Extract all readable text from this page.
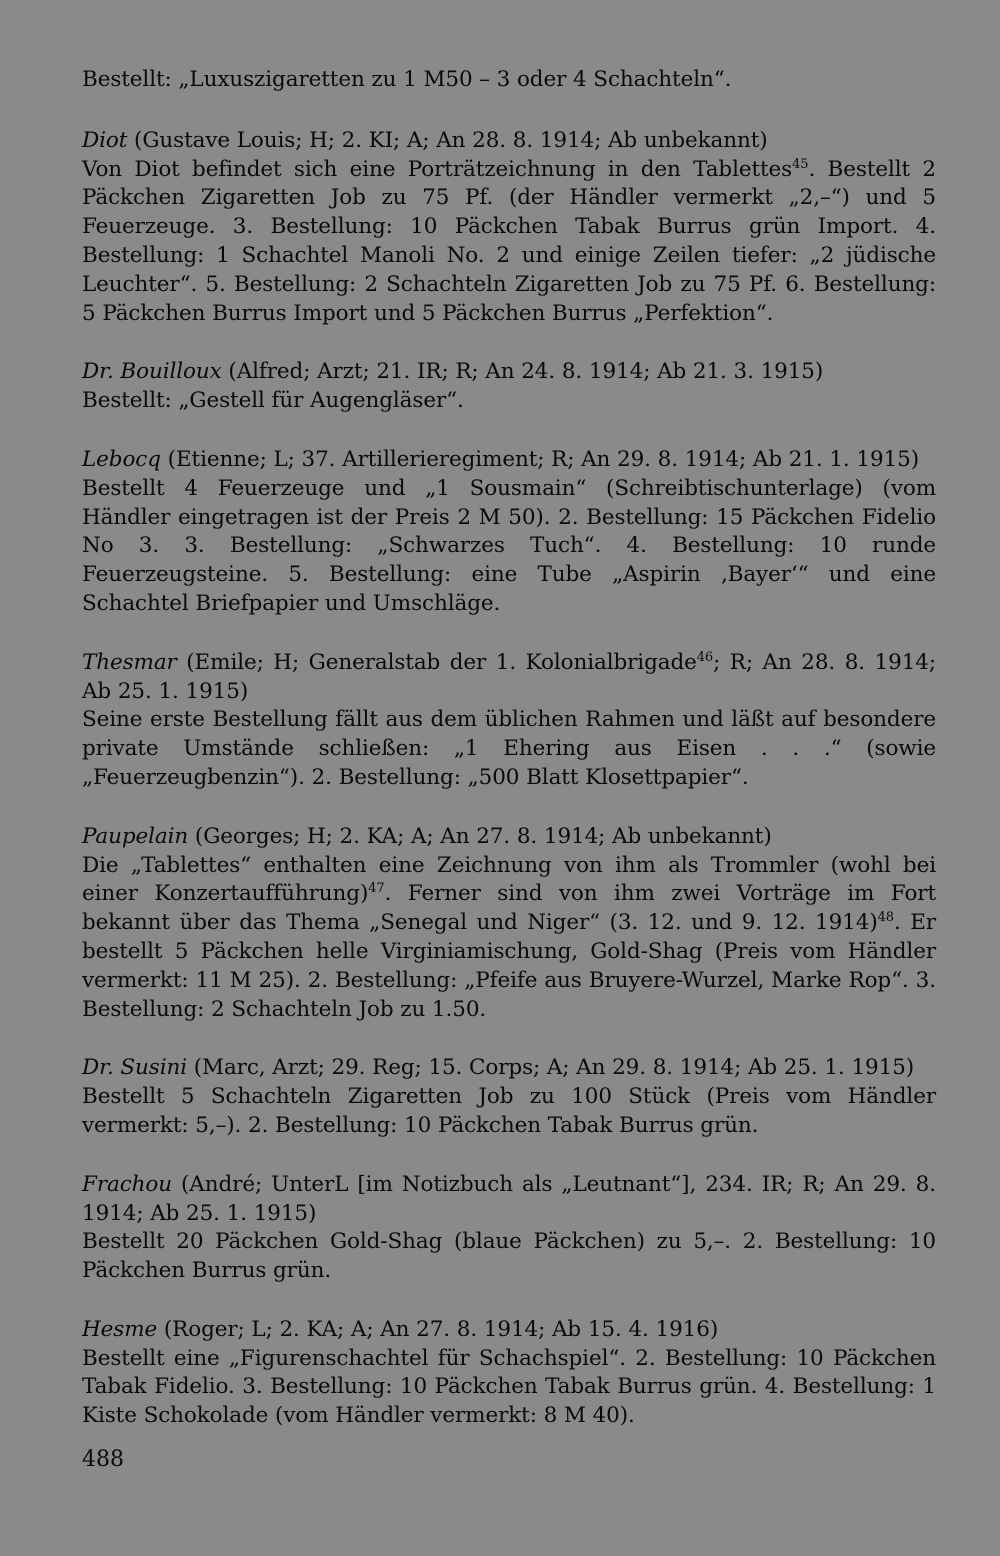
Bestellt: „Luxuszigaretten zu 1 M50 – 3 oder 4 Schachteln“.

Diot (Gustave Louis; H; 2. KI; A; An 28. 8. 1914; Ab unbekannt)
Von Diot befindet sich eine Porträtzeichnung in den Tablettes$^{45}$. Bestellt 2 Päckchen Zigaretten Job zu 75 Pf. (der Händler vermerkt „2,–“) und 5 Feuerzeuge. 3. Bestellung: 10 Päckchen Tabak Burrus grün Import. 4. Bestellung: 1 Schachtel Manoli No. 2 und einige Zeilen tiefer: „2 jüdische Leuchter“. 5. Bestellung: 2 Schachteln Zigaretten Job zu 75 Pf. 6. Bestellung: 5 Päckchen Burrus Import und 5 Päckchen Burrus „Perfektion“.

Dr. Bouilloux (Alfred; Arzt; 21. IR; R; An 24. 8. 1914; Ab 21. 3. 1915)
Bestellt: „Gestell für Augengläser“.

Lebocq (Etienne; L; 37. Artillerieregiment; R; An 29. 8. 1914; Ab 21. 1. 1915)
Bestellt 4 Feuerzeuge und „1 Sousmain“ (Schreibtischunterlage) (vom Händler eingetragen ist der Preis 2 M 50). 2. Bestellung: 15 Päckchen Fidelio No 3. 3. Bestellung: „Schwarzes Tuch“. 4. Bestellung: 10 runde Feuerzeugsteine. 5. Bestellung: eine Tube „Aspirin ‚Bayer‘“ und eine Schachtel Briefpapier und Umschläge.

Thesmar (Emile; H; Generalstab der 1. Kolonialbrigade$^{46}$; R; An 28. 8. 1914; Ab 25. 1. 1915)
Seine erste Bestellung fällt aus dem üblichen Rahmen und läßt auf besondere private Umstände schließen: „1 Ehering aus Eisen . . .“ (sowie „Feuerzeugbenzin“). 2. Bestellung: „500 Blatt Klosettpapier“.

Paupelain (Georges; H; 2. KA; A; An 27. 8. 1914; Ab unbekannt)
Die „Tablettes“ enthalten eine Zeichnung von ihm als Trommler (wohl bei einer Konzertaufführung)$^{47}$. Ferner sind von ihm zwei Vorträge im Fort bekannt über das Thema „Senegal und Niger“ (3. 12. und 9. 12. 1914)$^{48}$. Er bestellt 5 Päckchen helle Virginiamischung, Gold-Shag (Preis vom Händler vermerkt: 11 M 25). 2. Bestellung: „Pfeife aus Bruyere-Wurzel, Marke Rop“. 3. Bestellung: 2 Schachteln Job zu 1.50.

Dr. Susini (Marc, Arzt; 29. Reg; 15. Corps; A; An 29. 8. 1914; Ab 25. 1. 1915)
Bestellt 5 Schachteln Zigaretten Job zu 100 Stück (Preis vom Händler vermerkt: 5,–). 2. Bestellung: 10 Päckchen Tabak Burrus grün.

Frachou (André; UnterL [im Notizbuch als „Leutnant“], 234. IR; R; An 29. 8. 1914; Ab 25. 1. 1915)
Bestellt 20 Päckchen Gold-Shag (blaue Päckchen) zu 5,–. 2. Bestellung: 10 Päckchen Burrus grün.

Hesme (Roger; L; 2. KA; A; An 27. 8. 1914; Ab 15. 4. 1916)
Bestellt eine „Figurenschachtel für Schachspiel“. 2. Bestellung: 10 Päckchen Tabak Fidelio. 3. Bestellung: 10 Päckchen Tabak Burrus grün. 4. Bestellung: 1 Kiste Schokolade (vom Händler vermerkt: 8 M 40).

488
